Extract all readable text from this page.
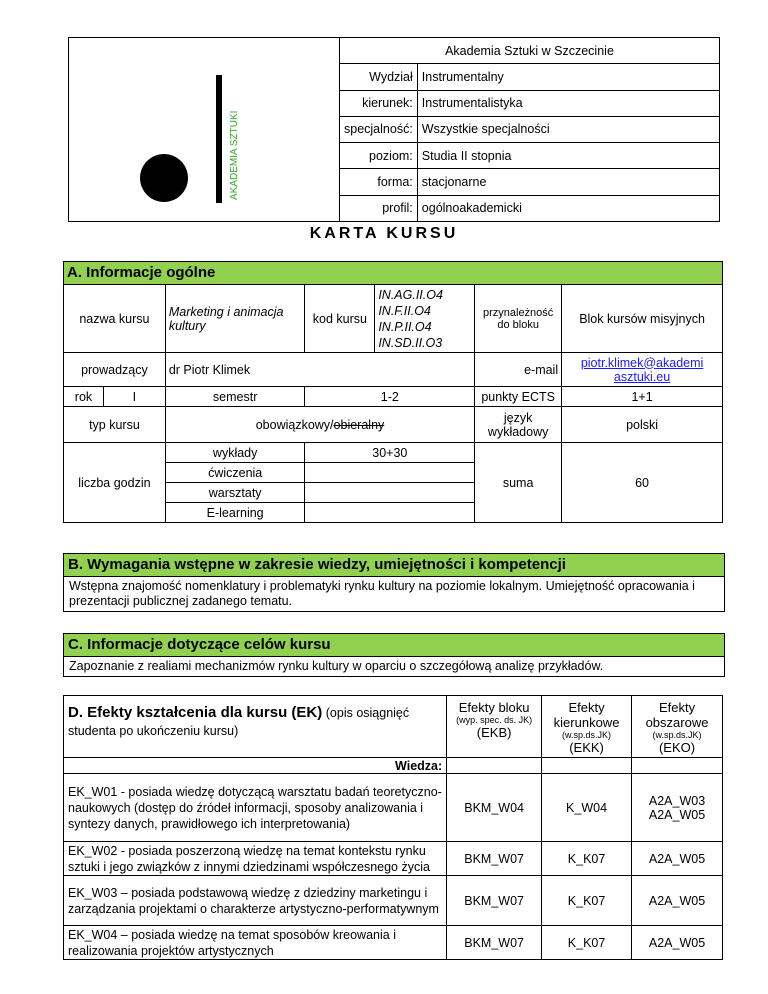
AKADEMIA SZTUKI	Akademia Sztuki w Szczecinie	
	Wydział	Instrumentalny
	kierunek:	Instrumentalistyka
	specjalność:	Wszystkie specjalności
	poziom:	Studia II stopnia
	forma:	stacjonarne
	profil:	ogólnoakademicki
KARTA KURSU
A. Informacje ogólne						
nazwa kursu		Marketing i animacja kultury	kod kursu	IN.AG.II.O4
IN.F.II.O4
IN.P.II.O4
IN.SD.II.O3	przynależność do bloku	Blok kursów misyjnych
prowadzący		dr Piotr Klimek			e-mail	piotr.klimek@akademi
asztuki.eu
rok	I	semestr	1-2		punkty ECTS	1+1
typ kursu		obowiązkowy/obieralny			język wykładowy	polski
liczba godzin		wykłady	30+30		suma	60
		ćwiczenia				
		warsztaty				
		E-learning				
B. Wymagania wstępne w zakresie wiedzy, umiejętności i kompetencji
Wstępna znajomość nomenklatury i problematyki rynku kultury na poziomie lokalnym. Umiejętność opracowania i prezentacji publicznej zadanego tematu.
C. Informacje dotyczące celów kursu
Zapoznanie z realiami mechanizmów rynku kultury w oparciu o szczegółową analizę przykładów.
D. Efekty kształcenia dla kursu (EK) (opis osiągnięć studenta po ukończeniu kursu)	Efekty bloku
(wyp. spec. ds. JK)
(EKB)	Efekty kierunkowe
(w.sp.ds.JK)
(EKK)	Efekty obszarowe
(w.sp.ds.JK)
(EKO)

Wiedza:			
EK_W01 - posiada wiedzę dotyczącą warsztatu badań teoretyczno-naukowych (dostęp do źródeł informacji, sposoby analizowania i syntezy danych, prawidłowego ich interpretowania)	BKM_W04	K_W04	A2A_W03 A2A_W05
EK_W02 - posiada poszerzoną wiedzę na temat kontekstu rynku sztuki i jego związków z innymi dziedzinami współczesnego życia	BKM_W07	K_K07	A2A_W05
EK_W03 – posiada podstawową wiedzę z dziedziny marketingu i zarządzania projektami o charakterze artystyczno-performatywnym	BKM_W07	K_K07	A2A_W05
EK_W04 – posiada wiedzę na temat sposobów kreowania i realizowania projektów artystycznych	BKM_W07	K_K07	A2A_W05
